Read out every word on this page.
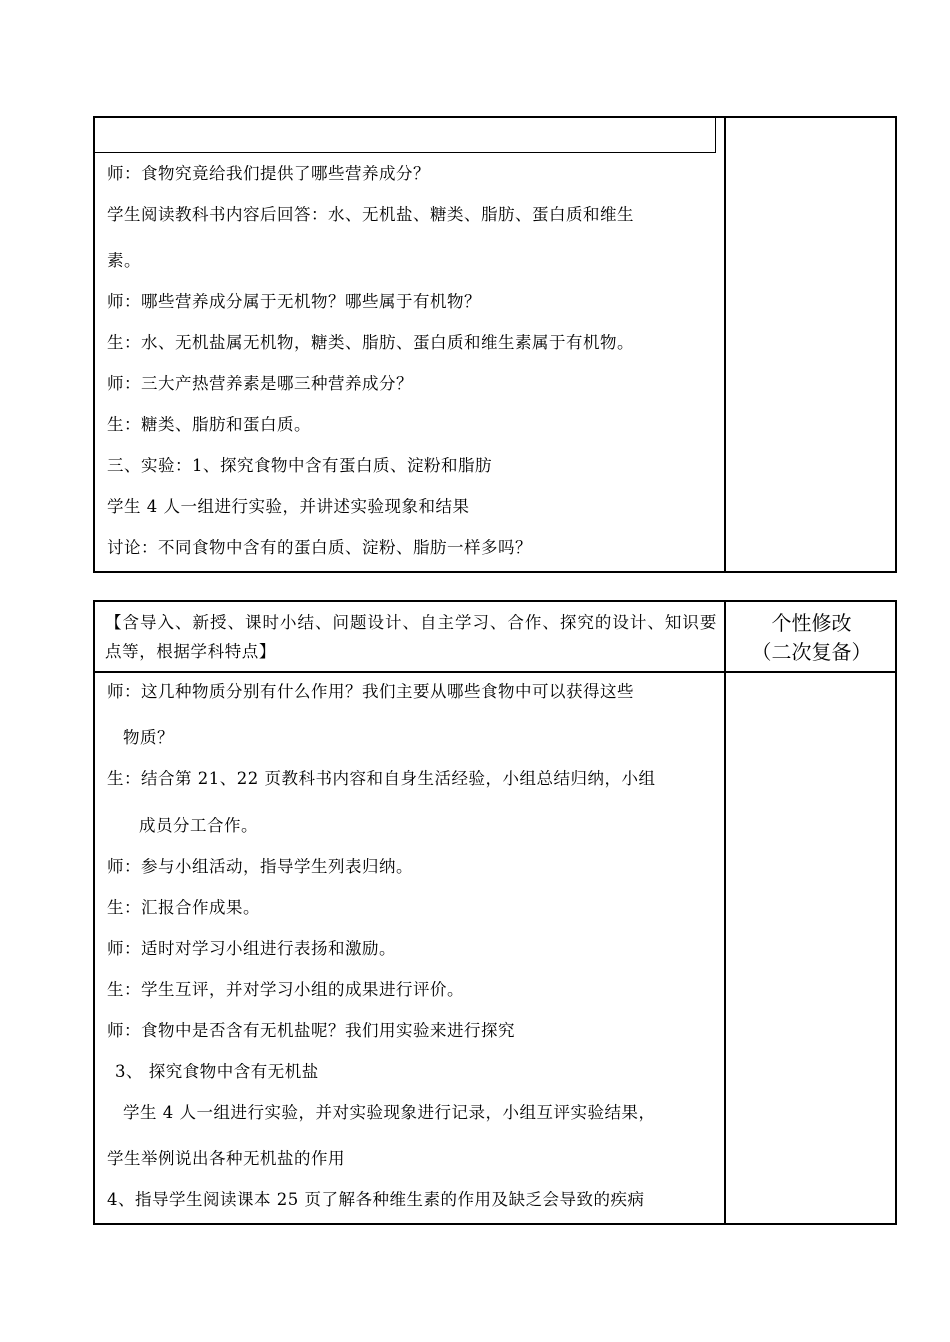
师：食物究竟给我们提供了哪些营养成分？
学生阅读教科书内容后回答：水、无机盐、糖类、脂肪、蛋白质和维生
素。
师：哪些营养成分属于无机物？哪些属于有机物？
生：水、无机盐属无机物，糖类、脂肪、蛋白质和维生素属于有机物。
师：三大产热营养素是哪三种营养成分？
生：糖类、脂肪和蛋白质。
三、实验：1、探究食物中含有蛋白质、淀粉和脂肪
学生 4 人一组进行实验，并讲述实验现象和结果
讨论：不同食物中含有的蛋白质、淀粉、脂肪一样多吗？
【含导入、新授、课时小结、问题设计、自主学习、合作、探究的设计、知识要点等，根据学科特点】
个性修改
（二次复备）
师：这几种物质分别有什么作用？我们主要从哪些食物中可以获得这些
物质？
生：结合第 21、22 页教科书内容和自身生活经验，小组总结归纳，小组
成员分工合作。
师：参与小组活动，指导学生列表归纳。
生：汇报合作成果。
师：适时对学习小组进行表扬和激励。
生：学生互评，并对学习小组的成果进行评价。
师：食物中是否含有无机盐呢？我们用实验来进行探究
3、 探究食物中含有无机盐
学生 4 人一组进行实验，并对实验现象进行记录，小组互评实验结果，
学生举例说出各种无机盐的作用
4、指导学生阅读课本 25 页了解各种维生素的作用及缺乏会导致的疾病
